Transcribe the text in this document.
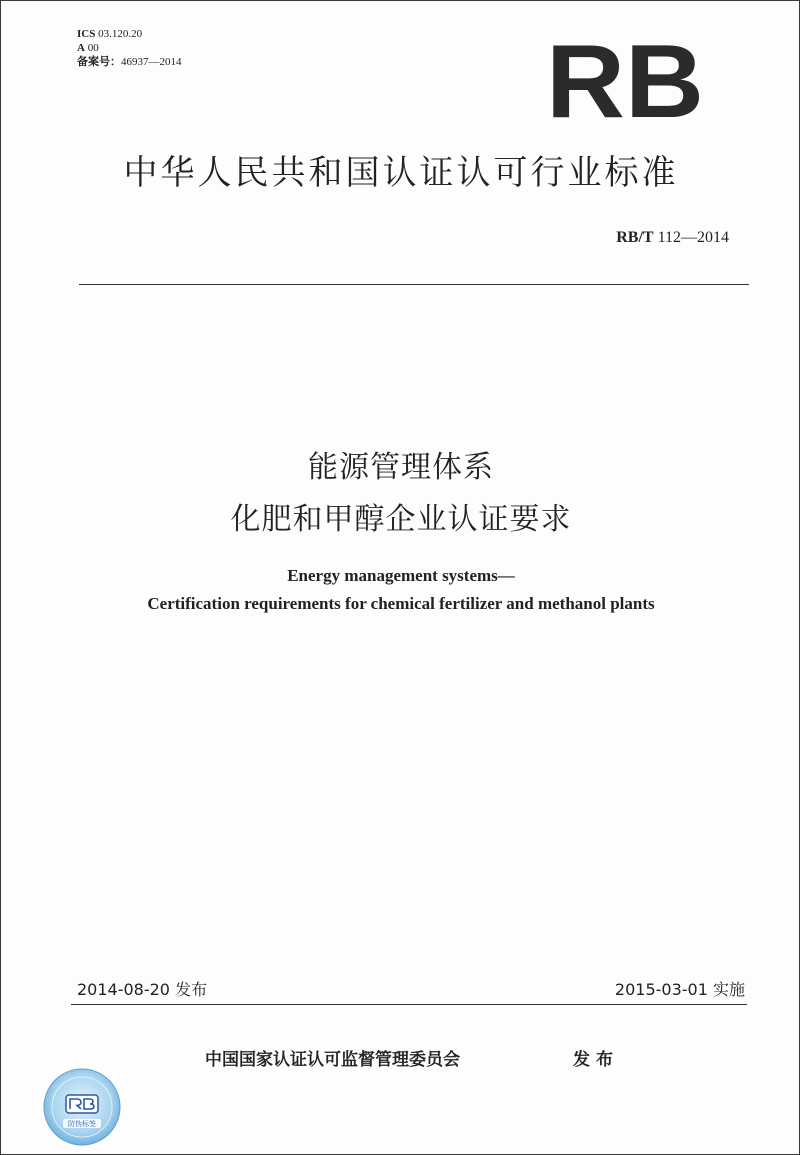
ICS 03.120.20
A 00
备案号：46937—2014	RB
中华人民共和国认证认可行业标准
RB/T 112—2014
能源管理体系
化肥和甲醇企业认证要求
Energy management systems—
Certification requirements for chemical fertilizer and methanol plants
2014-08-20 发布	2015-03-01 实施
中国国家认证认可监督管理委员会	发布
防伪标签
